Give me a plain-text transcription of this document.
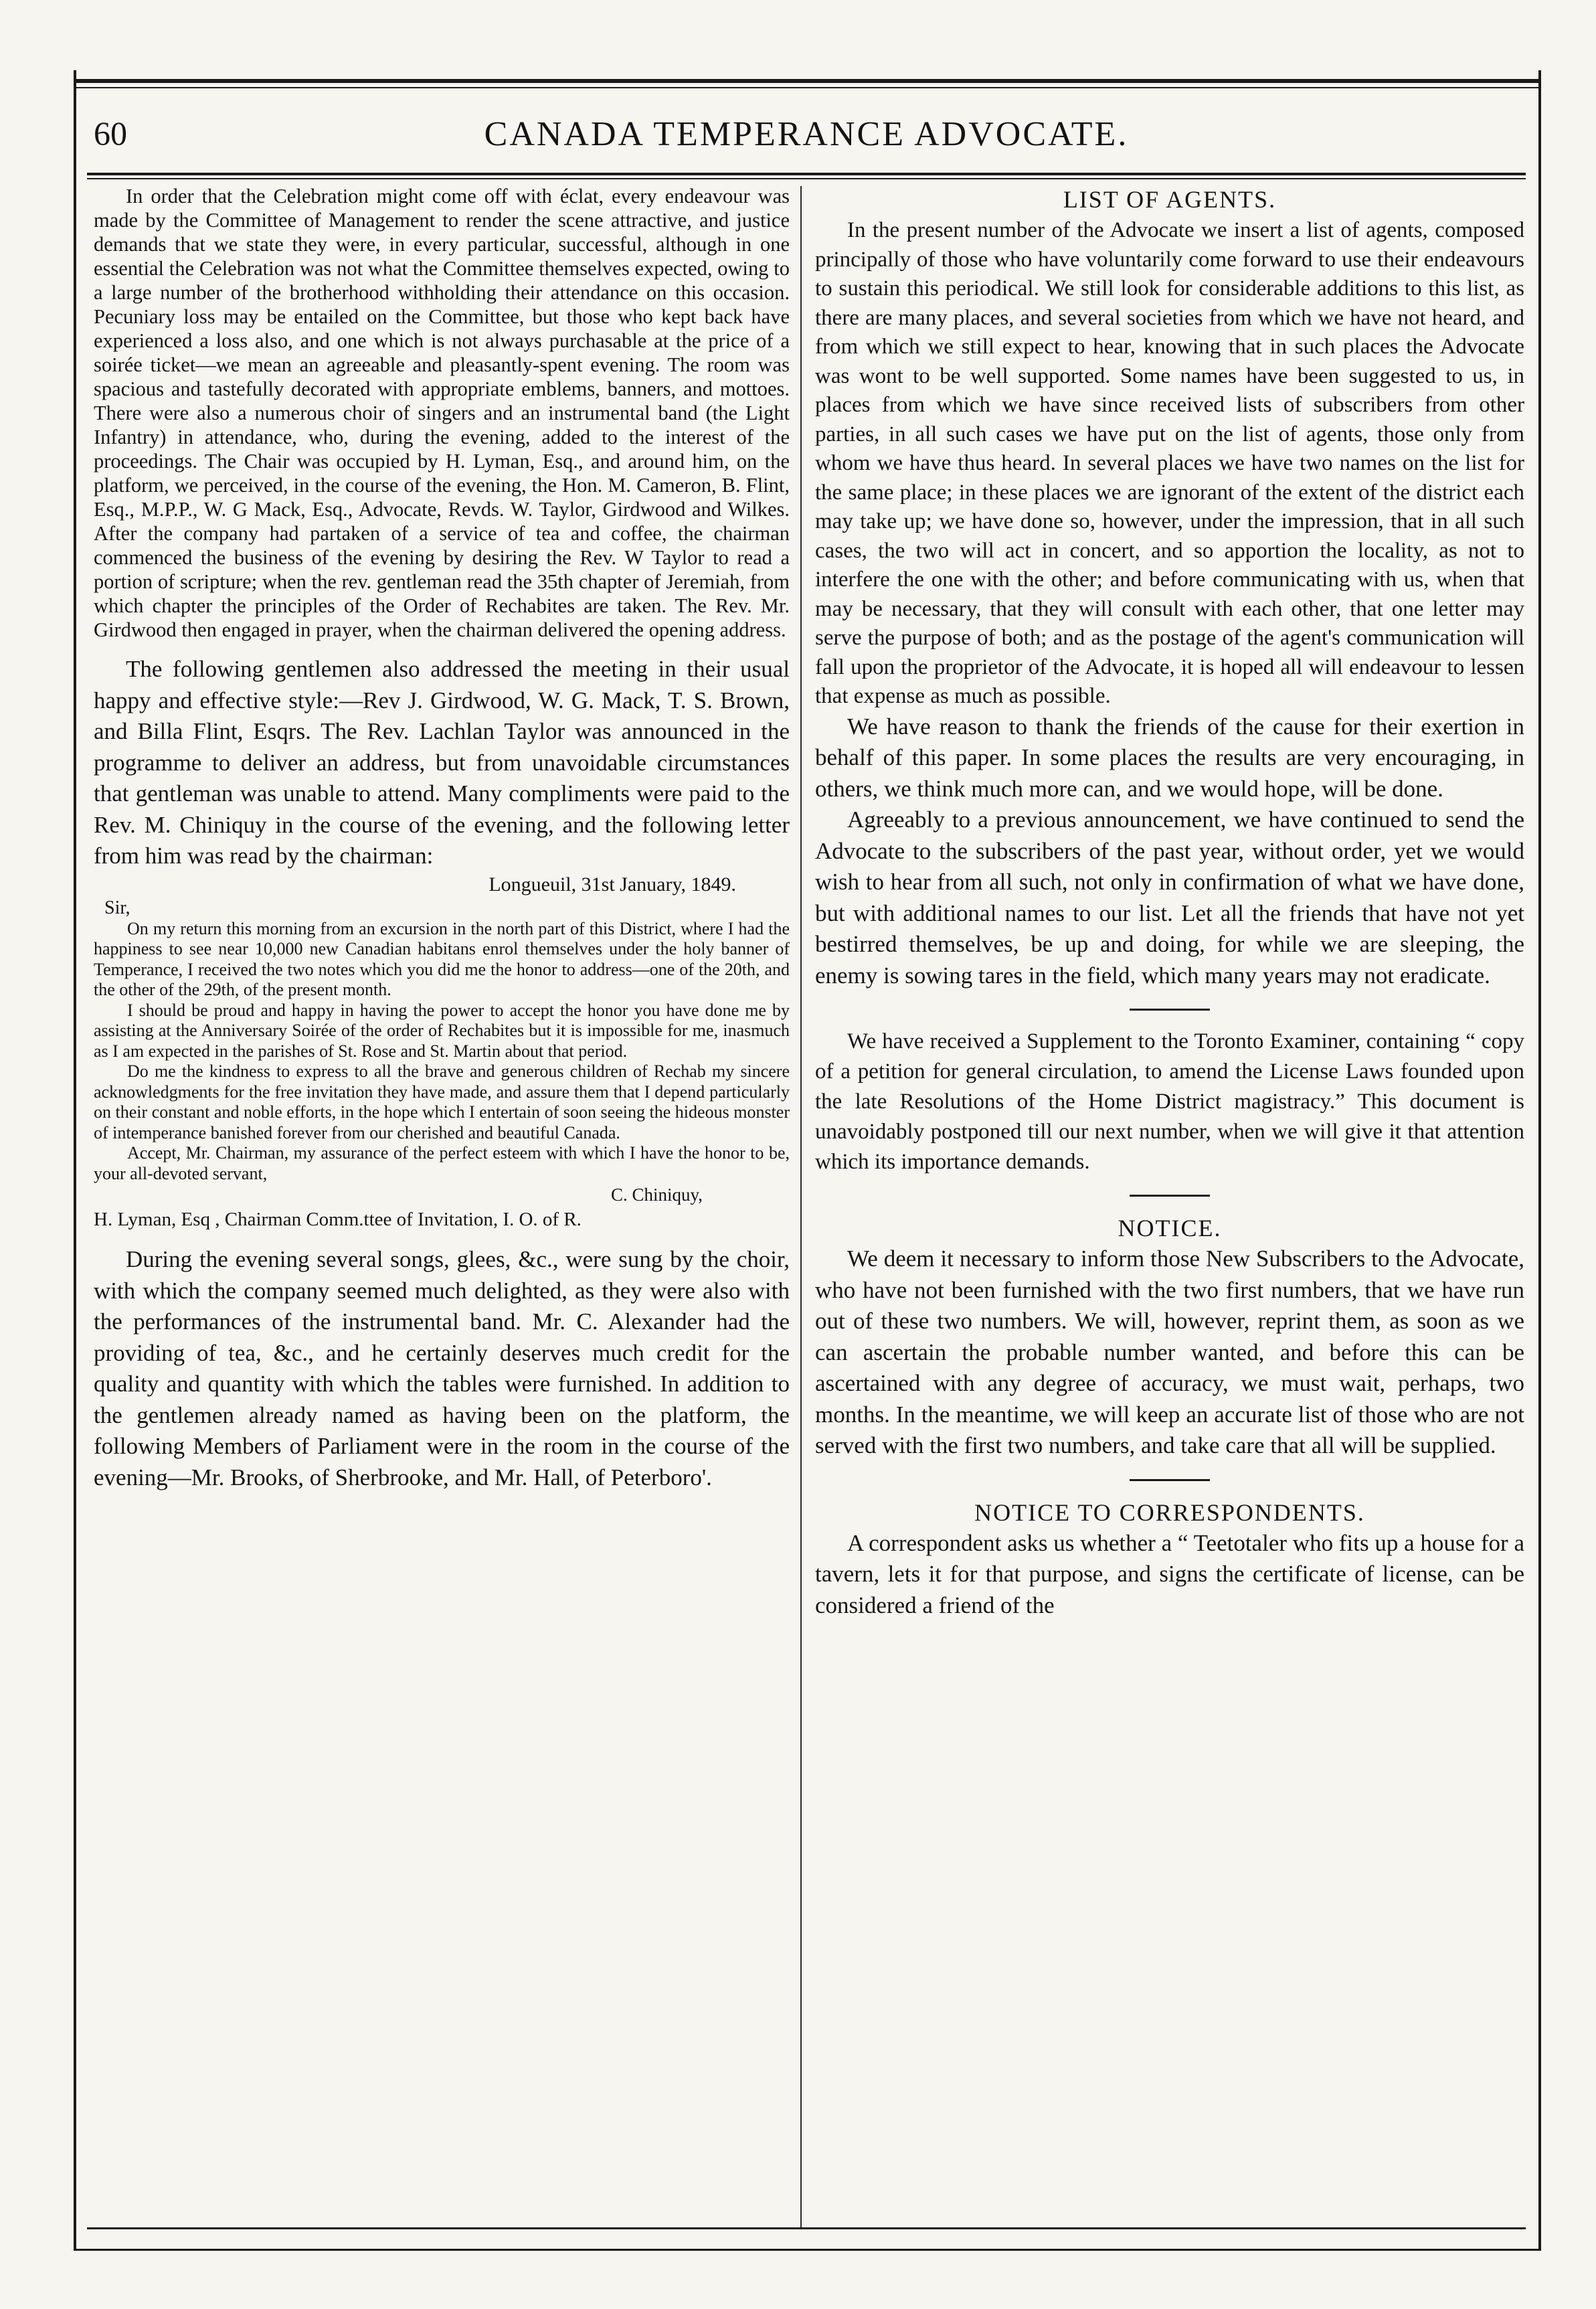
60	CANADA TEMPERANCE ADVOCATE.

In order that the Celebration might come off with éclat, every endeavour was made by the Committee of Management to render the scene attractive, and justice demands that we state they were, in every particular, successful, although in one essential the Celebration was not what the Committee themselves expected, owing to a large number of the brotherhood withholding their attendance on this occasion. Pecuniary loss may be entailed on the Committee, but those who kept back have experienced a loss also, and one which is not always purchasable at the price of a soirée ticket—we mean an agreeable and pleasantly-spent evening. The room was spacious and tastefully decorated with appropriate emblems, banners, and mottoes. There were also a numerous choir of singers and an instrumental band (the Light Infantry) in attendance, who, during the evening, added to the interest of the proceedings. The Chair was occupied by H. Lyman, Esq., and around him, on the platform, we perceived, in the course of the evening, the Hon. M. Cameron, B. Flint, Esq., M.P.P., W. G Mack, Esq., Advocate, Revds. W. Taylor, Girdwood and Wilkes. After the company had partaken of a service of tea and coffee, the chairman commenced the business of the evening by desiring the Rev. W Taylor to read a portion of scripture; when the rev. gentleman read the 35th chapter of Jeremiah, from which chapter the principles of the Order of Rechabites are taken. The Rev. Mr. Girdwood then engaged in prayer, when the chairman delivered the opening address.

The following gentlemen also addressed the meeting in their usual happy and effective style:—Rev J. Girdwood, W. G. Mack, T. S. Brown, and Billa Flint, Esqrs. The Rev. Lachlan Taylor was announced in the programme to deliver an address, but from unavoidable circumstances that gentleman was unable to attend. Many compliments were paid to the Rev. M. Chiniquy in the course of the evening, and the following letter from him was read by the chairman:

Longueuil, 31st January, 1849.

Sir,

On my return this morning from an excursion in the north part of this District, where I had the happiness to see near 10,000 new Canadian habitans enrol themselves under the holy banner of Temperance, I received the two notes which you did me the honor to address—one of the 20th, and the other of the 29th, of the present month.

I should be proud and happy in having the power to accept the honor you have done me by assisting at the Anniversary Soirée of the order of Rechabites but it is impossible for me, inasmuch as I am expected in the parishes of St. Rose and St. Martin about that period.

Do me the kindness to express to all the brave and generous children of Rechab my sincere acknowledgments for the free invitation they have made, and assure them that I depend particularly on their constant and noble efforts, in the hope which I entertain of soon seeing the hideous monster of intemperance banished forever from our cherished and beautiful Canada.

Accept, Mr. Chairman, my assurance of the perfect esteem with which I have the honor to be, your all-devoted servant,

C. Chiniquy,

H. Lyman, Esq , Chairman Comm.ttee of Invitation, I. O. of R.

During the evening several songs, glees, &c., were sung by the choir, with which the company seemed much delighted, as they were also with the performances of the instrumental band. Mr. C. Alexander had the providing of tea, &c., and he certainly deserves much credit for the quality and quantity with which the tables were furnished. In addition to the gentlemen already named as having been on the platform, the following Members of Parliament were in the room in the course of the evening—Mr. Brooks, of Sherbrooke, and Mr. Hall, of Peterboro'.

LIST OF AGENTS.

In the present number of the Advocate we insert a list of agents, composed principally of those who have voluntarily come forward to use their endeavours to sustain this periodical. We still look for considerable additions to this list, as there are many places, and several societies from which we have not heard, and from which we still expect to hear, knowing that in such places the Advocate was wont to be well supported. Some names have been suggested to us, in places from which we have since received lists of subscribers from other parties, in all such cases we have put on the list of agents, those only from whom we have thus heard. In several places we have two names on the list for the same place; in these places we are ignorant of the extent of the district each may take up; we have done so, however, under the impression, that in all such cases, the two will act in concert, and so apportion the locality, as not to interfere the one with the other; and before communicating with us, when that may be necessary, that they will consult with each other, that one letter may serve the purpose of both; and as the postage of the agent's communication will fall upon the proprietor of the Advocate, it is hoped all will endeavour to lessen that expense as much as possible.

We have reason to thank the friends of the cause for their exertion in behalf of this paper. In some places the results are very encouraging, in others, we think much more can, and we would hope, will be done.

Agreeably to a previous announcement, we have continued to send the Advocate to the subscribers of the past year, without order, yet we would wish to hear from all such, not only in confirmation of what we have done, but with additional names to our list. Let all the friends that have not yet bestirred themselves, be up and doing, for while we are sleeping, the enemy is sowing tares in the field, which many years may not eradicate.

We have received a Supplement to the Toronto Examiner, containing “ copy of a petition for general circulation, to amend the License Laws founded upon the late Resolutions of the Home District magistracy.” This document is unavoidably postponed till our next number, when we will give it that attention which its importance demands.

NOTICE.

We deem it necessary to inform those New Subscribers to the Advocate, who have not been furnished with the two first numbers, that we have run out of these two numbers. We will, however, reprint them, as soon as we can ascertain the probable number wanted, and before this can be ascertained with any degree of accuracy, we must wait, perhaps, two months. In the meantime, we will keep an accurate list of those who are not served with the first two numbers, and take care that all will be supplied.

NOTICE TO CORRESPONDENTS.

A correspondent asks us whether a “ Teetotaler who fits up a house for a tavern, lets it for that purpose, and signs the certificate of license, can be considered a friend of the
